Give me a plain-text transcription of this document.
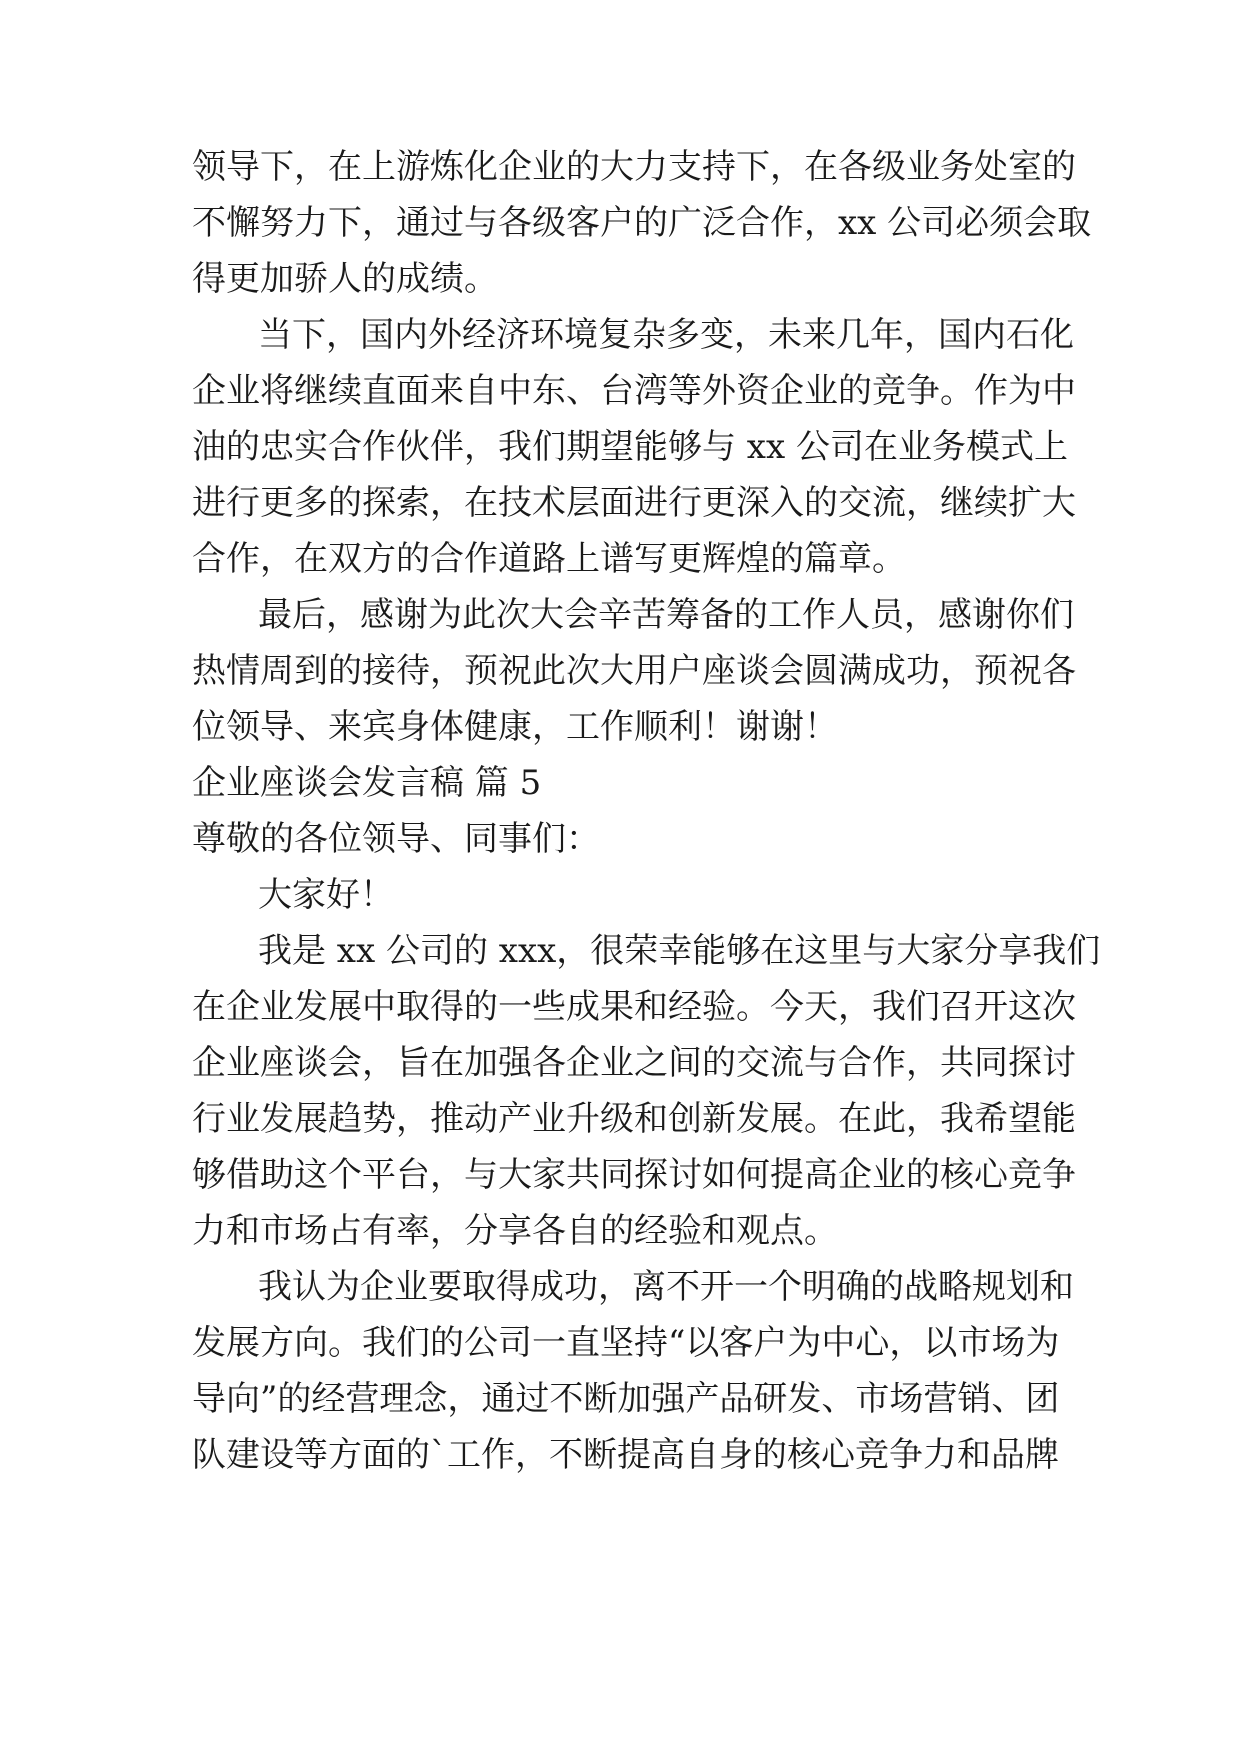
领导下，在上游炼化企业的大力支持下，在各级业务处室的
不懈努力下，通过与各级客户的广泛合作，xx 公司必须会取
得更加骄人的成绩。
当下，国内外经济环境复杂多变，未来几年，国内石化
企业将继续直面来自中东、台湾等外资企业的竞争。作为中
油的忠实合作伙伴，我们期望能够与 xx 公司在业务模式上
进行更多的探索，在技术层面进行更深入的交流，继续扩大
合作，在双方的合作道路上谱写更辉煌的篇章。
最后，感谢为此次大会辛苦筹备的工作人员，感谢你们
热情周到的接待，预祝此次大用户座谈会圆满成功，预祝各
位领导、来宾身体健康，工作顺利！谢谢！
企业座谈会发言稿 篇 5
尊敬的各位领导、同事们：
大家好！
我是 xx 公司的 xxx，很荣幸能够在这里与大家分享我们
在企业发展中取得的一些成果和经验。今天，我们召开这次
企业座谈会，旨在加强各企业之间的交流与合作，共同探讨
行业发展趋势，推动产业升级和创新发展。在此，我希望能
够借助这个平台，与大家共同探讨如何提高企业的核心竞争
力和市场占有率，分享各自的经验和观点。
我认为企业要取得成功，离不开一个明确的战略规划和
发展方向。我们的公司一直坚持“以客户为中心，以市场为
导向”的经营理念，通过不断加强产品研发、市场营销、团
队建设等方面的`工作，不断提高自身的核心竞争力和品牌
